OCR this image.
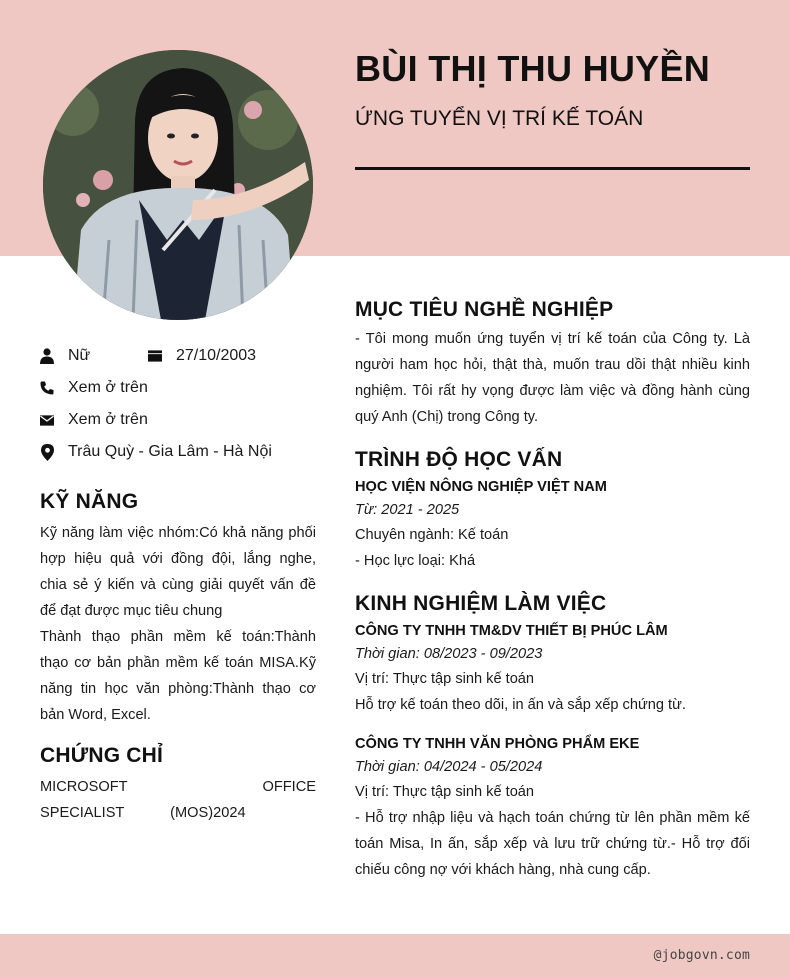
BÙI THỊ THU HUYỀN
ỨNG TUYỂN VỊ TRÍ KẾ TOÁN
Nữ	27/10/2003
Xem ở trên
Xem ở trên
Trâu Quỳ - Gia Lâm - Hà Nội
KỸ NĂNG
Kỹ năng làm việc nhóm:Có khả năng phối hợp hiệu quả với đồng đội, lắng nghe, chia sẻ ý kiến và cùng giải quyết vấn đề để đạt được mục tiêu chung
Thành thạo phần mềm kế toán:Thành thạo cơ bản phần mềm kế toán MISA.Kỹ năng tin học văn phòng:Thành thạo cơ bản Word, Excel.
CHỨNG CHỈ
MICROSOFT OFFICE SPECIALIST (MOS)2024
MỤC TIÊU NGHỀ NGHIỆP
- Tôi mong muốn ứng tuyển vị trí kế toán của Công ty. Là người ham học hỏi, thật thà, muốn trau dồi thật nhiều kinh nghiệm. Tôi rất hy vọng được làm việc và đồng hành cùng quý Anh (Chị) trong Công ty.
TRÌNH ĐỘ HỌC VẤN
HỌC VIỆN NÔNG NGHIỆP VIỆT NAM
Từ: 2021 - 2025
Chuyên ngành: Kế toán
- Học lực loại: Khá
KINH NGHIỆM LÀM VIỆC
CÔNG TY TNHH TM&DV THIẾT BỊ PHÚC LÂM
Thời gian: 08/2023 - 09/2023
Vị trí: Thực tập sinh kế toán
Hỗ trợ kế toán theo dõi, in ấn và sắp xếp chứng từ.
CÔNG TY TNHH VĂN PHÒNG PHẨM EKE
Thời gian: 04/2024 - 05/2024
Vị trí: Thực tập sinh kế toán
- Hỗ trợ nhập liệu và hạch toán chứng từ lên phần mềm kế toán Misa, In ấn, sắp xếp và lưu trữ chứng từ.- Hỗ trợ đối chiếu công nợ với khách hàng, nhà cung cấp.
@jobgovn.com
